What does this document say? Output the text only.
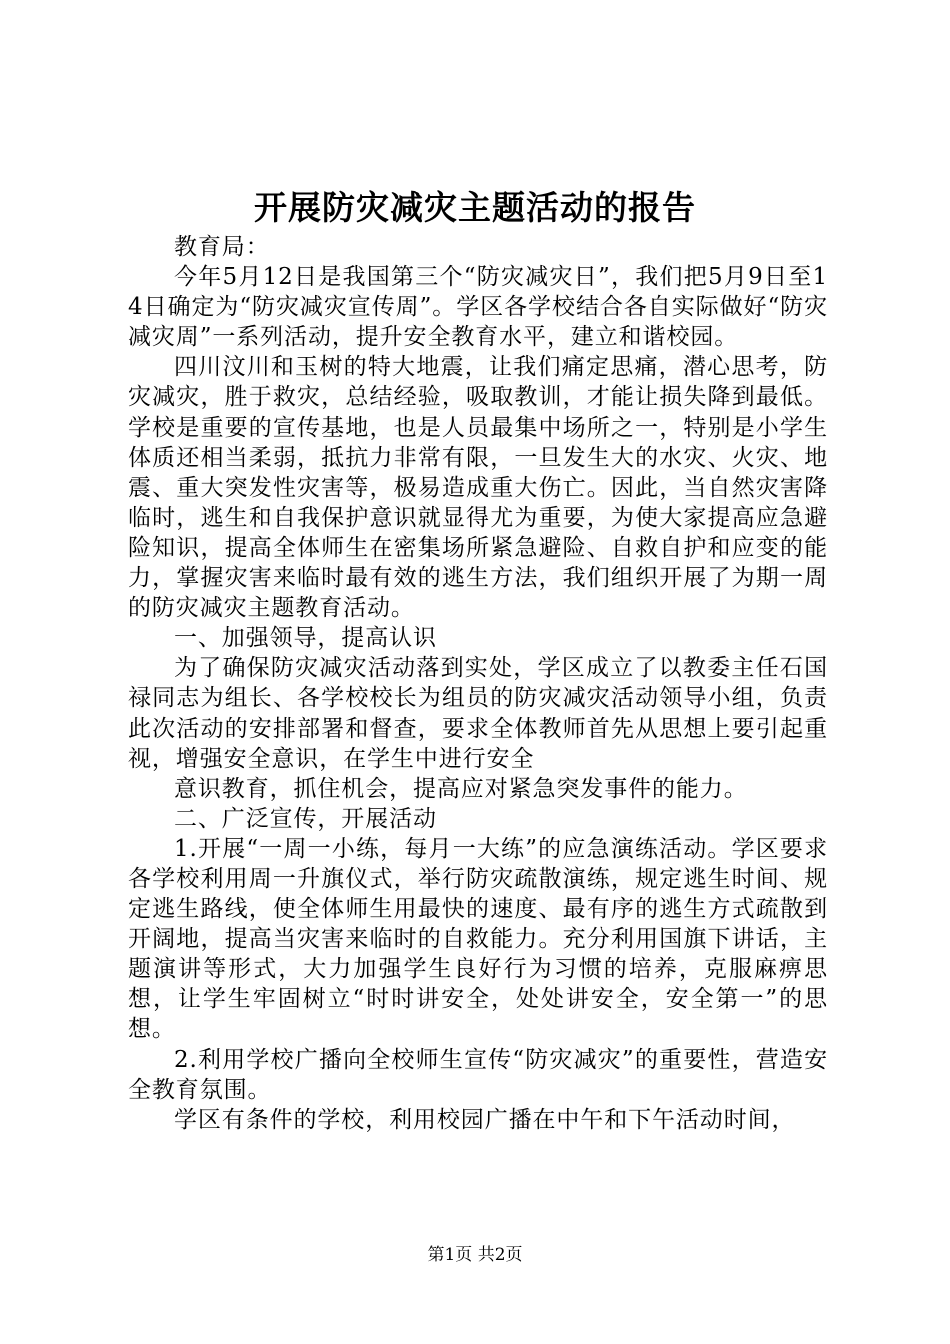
开展防灾减灾主题活动的报告

教育局：

今年5月12日是我国第三个“防灾减灾日”，我们把5月9日至14日确定为“防灾减灾宣传周”。学区各学校结合各自实际做好“防灾减灾周”一系列活动，提升安全教育水平，建立和谐校园。

四川汶川和玉树的特大地震，让我们痛定思痛，潜心思考，防灾减灾，胜于救灾，总结经验，吸取教训，才能让损失降到最低。学校是重要的宣传基地，也是人员最集中场所之一，特别是小学生体质还相当柔弱，抵抗力非常有限，一旦发生大的水灾、火灾、地震、重大突发性灾害等，极易造成重大伤亡。因此，当自然灾害降临时，逃生和自我保护意识就显得尤为重要，为使大家提高应急避险知识，提高全体师生在密集场所紧急避险、自救自护和应变的能力，掌握灾害来临时最有效的逃生方法，我们组织开展了为期一周的防灾减灾主题教育活动。

一、加强领导，提高认识

为了确保防灾减灾活动落到实处，学区成立了以教委主任石国禄同志为组长、各学校校长为组员的防灾减灾活动领导小组，负责此次活动的安排部署和督查，要求全体教师首先从思想上要引起重视，增强安全意识，在学生中进行安全

意识教育，抓住机会，提高应对紧急突发事件的能力。

二、广泛宣传，开展活动

1.开展“一周一小练，每月一大练”的应急演练活动。学区要求各学校利用周一升旗仪式，举行防灾疏散演练，规定逃生时间、规定逃生路线，使全体师生用最快的速度、最有序的逃生方式疏散到开阔地，提高当灾害来临时的自救能力。充分利用国旗下讲话，主题演讲等形式，大力加强学生良好行为习惯的培养，克服麻痹思想，让学生牢固树立“时时讲安全，处处讲安全，安全第一”的思想。

2.利用学校广播向全校师生宣传“防灾减灾”的重要性，营造安全教育氛围。

学区有条件的学校，利用校园广播在中午和下午活动时间，

第1页 共2页
